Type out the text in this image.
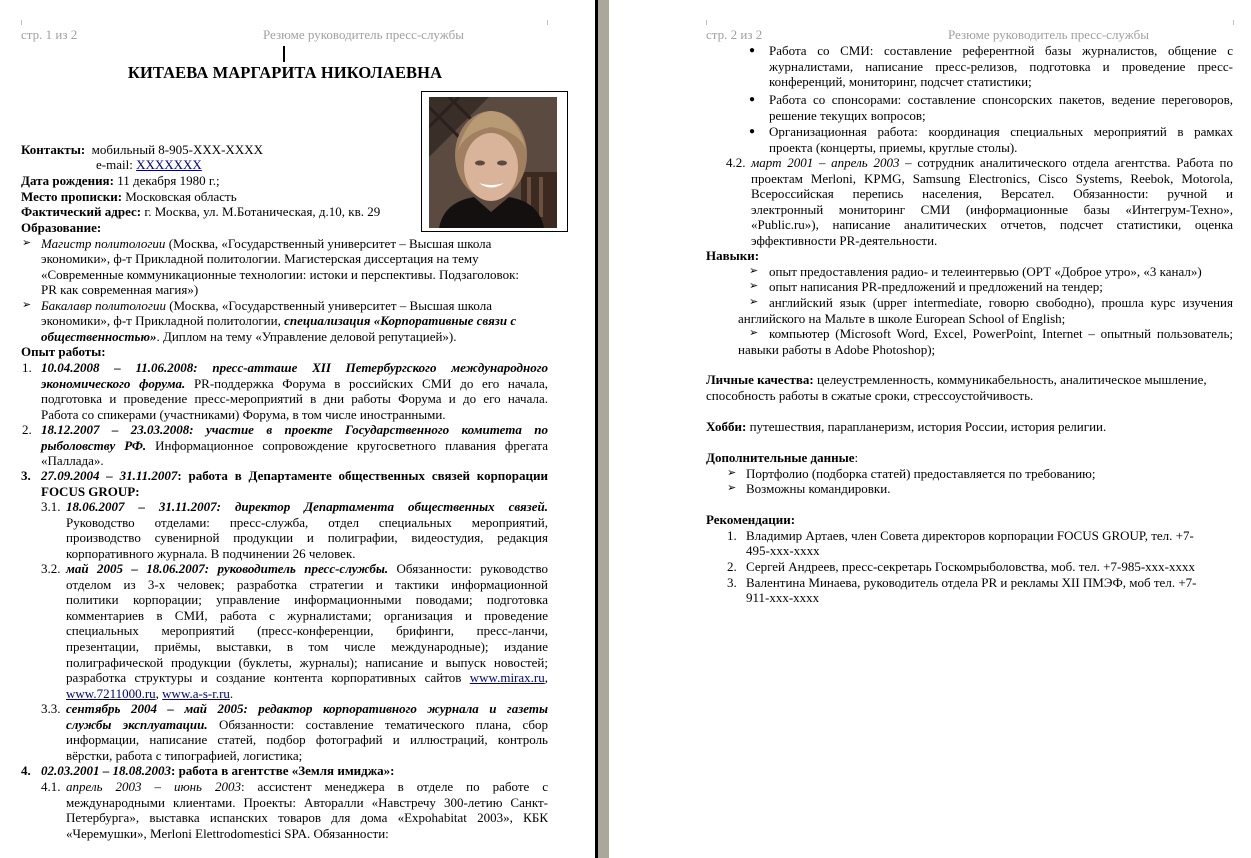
стр. 1 из 2	Резюме руководитель пресс-службы
КИТАЕВА МАРГАРИТА НИКОЛАЕВНА
Контакты: мобильный 8-905-XXX-XXXX
e-mail: XXXXXXX
Дата рождения: 11 декабря 1980 г.;
Место прописки: Московская область
Фактический адрес: г. Москва, ул. М.Ботаническая, д.10, кв. 29
Образование:
➢ Магистр политологии (Москва, «Государственный университет – Высшая школа
экономики», ф-т Прикладной политологии. Магистерская диссертация на тему
«Современные коммуникационные технологии: истоки и перспективы. Подзаголовок:
PR как современная магия»)
➢ Бакалавр политологии (Москва, «Государственный университет – Высшая школа
экономики», ф-т Прикладной политологии, специализация «Корпоративные связи с
общественностью». Диплом на тему «Управление деловой репутацией»).
Опыт работы:
1. 10.04.2008 – 11.06.2008: пресс-атташе XII Петербургского международного
экономического форума. PR-поддержка Форума в российских СМИ до его начала,
подготовка и проведение пресс-мероприятий в дни работы Форума и до его начала.
Работа со спикерами (участниками) Форума, в том числе иностранными.
2. 18.12.2007 – 23.03.2008: участие в проекте Государственного комитета по
рыболовству РФ. Информационное сопровождение кругосветного плавания фрегата
«Паллада».
3. 27.09.2004 – 31.11.2007: работа в Департаменте общественных связей корпорации
FOCUS GROUP:
3.1. 18.06.2007 – 31.11.2007: директор Департамента общественных связей.
Руководство отделами: пресс-служба, отдел специальных мероприятий,
производство сувенирной продукции и полиграфии, видеостудия, редакция
корпоративного журнала. В подчинении 26 человек.
3.2. май 2005 – 18.06.2007: руководитель пресс-службы. Обязанности: руководство
отделом из 3-х человек; разработка стратегии и тактики информационной
политики корпорации; управление информационными поводами; подготовка
комментариев в СМИ, работа с журналистами; организация и проведение
специальных мероприятий (пресс-конференции, брифинги, пресс-ланчи,
презентации, приёмы, выставки, в том числе международные); издание
полиграфической продукции (буклеты, журналы); написание и выпуск новостей;
разработка структуры и создание контента корпоративных сайтов www.mirax.ru,
www.7211000.ru, www.a-s-r.ru.
3.3. сентябрь 2004 – май 2005: редактор корпоративного журнала и газеты
службы эксплуатации. Обязанности: составление тематического плана, сбор
информации, написание статей, подбор фотографий и иллюстраций, контроль
вёрстки, работа с типографией, логистика;
4. 02.03.2001 – 18.08.2003: работа в агентстве «Земля имиджа»:
4.1. апрель 2003 – июнь 2003: ассистент менеджера в отделе по работе с
международными клиентами. Проекты: Авторалли «Навстречу 300-летию Санкт-
Петербурга», выставка испанских товаров для дома «Expohabitat 2003», КБК
«Черемушки», Merloni Elettrodomestici SPA. Обязанности:
стр. 2 из 2	Резюме руководитель пресс-службы
● Работа со СМИ: составление референтной базы журналистов, общение с
журналистами, написание пресс-релизов, подготовка и проведение пресс-
конференций, мониторинг, подсчет статистики;
● Работа со спонсорами: составление спонсорских пакетов, ведение переговоров,
решение текущих вопросов;
● Организационная работа: координация специальных мероприятий в рамках
проекта (концерты, приемы, круглые столы).
4.2. март 2001 – апрель 2003 – сотрудник аналитического отдела агентства. Работа по
проектам Merloni, KPMG, Samsung Electronics, Cisco Systems, Reebok, Motorola,
Всероссийская перепись населения, Версател. Обязанности: ручной и
электронный мониторинг СМИ (информационные базы «Интегрум-Техно»,
«Public.ru»), написание аналитических отчетов, подсчет статистики, оценка
эффективности PR-деятельности.
Навыки:
➢ опыт предоставления радио- и телеинтервью (ОРТ «Доброе утро», «3 канал»)
➢ опыт написания PR-предложений и предложений на тендер;
➢ английский язык (upper intermediate, говорю свободно), прошла курс изучения
английского на Мальте в школе European School of English;
➢ компьютер (Microsoft Word, Excel, PowerPoint, Internet – опытный пользователь;
навыки работы в Adobe Photoshop);
Личные качества: целеустремленность, коммуникабельность, аналитическое мышление,
способность работы в сжатые сроки, стрессоустойчивость.
Хобби: путешествия, парапланеризм, история России, история религии.
Дополнительные данные:
➢ Портфолио (подборка статей) предоставляется по требованию;
➢ Возможны командировки.
Рекомендации:
1. Владимир Артаев, член Совета директоров корпорации FOCUS GROUP, тел. +7-
495-xxx-xxxx
2. Сергей Андреев, пресс-секретарь Госкомрыболовства, моб. тел. +7-985-xxx-xxxx
3. Валентина Минаева, руководитель отдела PR и рекламы XII ПМЭФ, моб тел. +7-
911-xxx-xxxx
